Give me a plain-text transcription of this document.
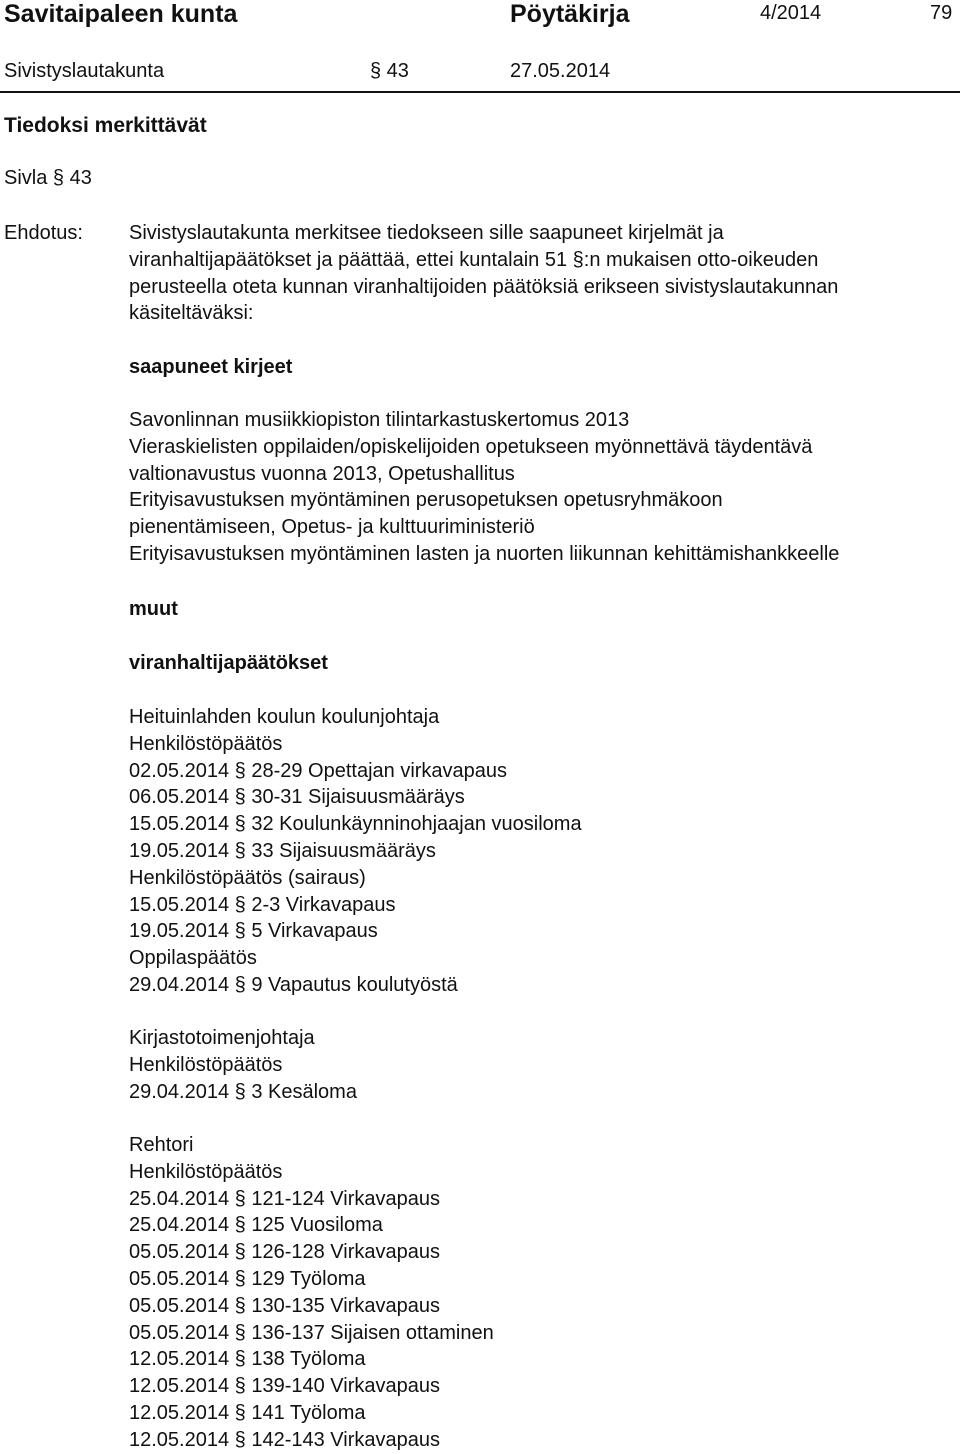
Savitaipaleen kunta	Pöytäkirja	4/2014	79
Sivistyslautakunta	§ 43	27.05.2014
Tiedoksi merkittävät
Sivla § 43
Ehdotus: Sivistyslautakunta merkitsee tiedokseen sille saapuneet kirjelmät ja
viranhaltijapäätökset ja päättää, ettei kuntalain 51 §:n mukaisen otto-oikeuden
perusteella oteta kunnan viranhaltijoiden päätöksiä erikseen sivistyslautakunnan
käsiteltäväksi:
saapuneet kirjeet
Savonlinnan musiikkiopiston tilintarkastuskertomus 2013
Vieraskielisten oppilaiden/opiskelijoiden opetukseen myönnettävä täydentävä
valtionavustus vuonna 2013, Opetushallitus
Erityisavustuksen myöntäminen perusopetuksen opetusryhmäkoon
pienentämiseen, Opetus- ja kulttuuriministeriö
Erityisavustuksen myöntäminen lasten ja nuorten liikunnan kehittämishankkeelle
muut
viranhaltijapäätökset
Heituinlahden koulun koulunjohtaja
Henkilöstöpäätös
02.05.2014 § 28-29 Opettajan virkavapaus
06.05.2014 § 30-31 Sijaisuusmääräys
15.05.2014 § 32 Koulunkäynninohjaajan vuosiloma
19.05.2014 § 33 Sijaisuusmääräys
Henkilöstöpäätös (sairaus)
15.05.2014 § 2-3 Virkavapaus
19.05.2014 § 5 Virkavapaus
Oppilaspäätös
29.04.2014 § 9 Vapautus koulutyöstä
Kirjastotoimenjohtaja
Henkilöstöpäätös
29.04.2014 § 3 Kesäloma
Rehtori
Henkilöstöpäätös
25.04.2014 § 121-124 Virkavapaus
25.04.2014 § 125 Vuosiloma
05.05.2014 § 126-128 Virkavapaus
05.05.2014 § 129 Työloma
05.05.2014 § 130-135 Virkavapaus
05.05.2014 § 136-137 Sijaisen ottaminen
12.05.2014 § 138 Työloma
12.05.2014 § 139-140 Virkavapaus
12.05.2014 § 141 Työloma
12.05.2014 § 142-143 Virkavapaus
